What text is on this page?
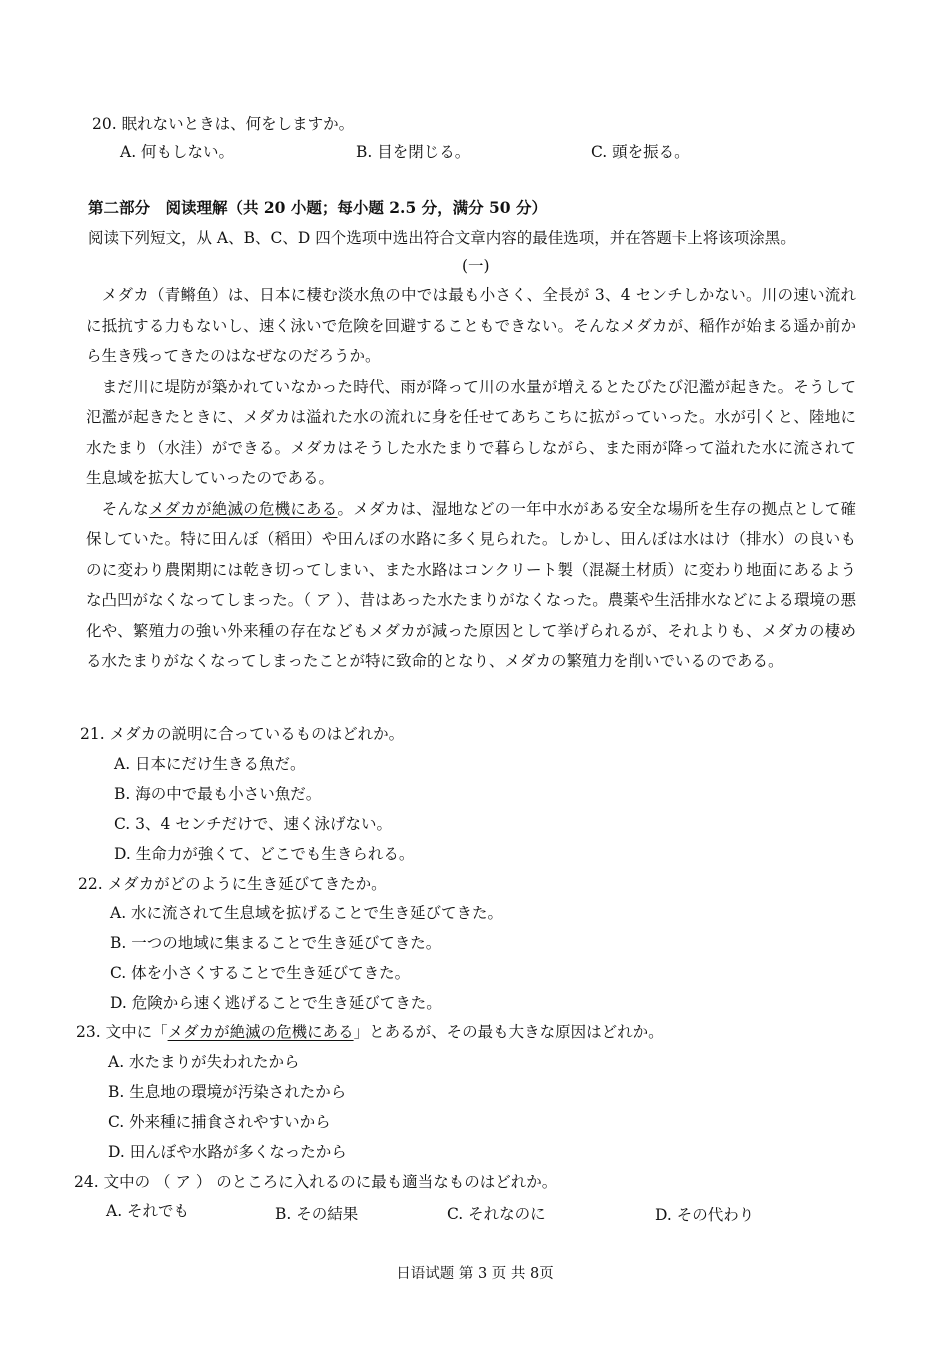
20. 眠れないときは、何をしますか。
A. 何もしない。	B. 目を閉じる。	C. 頭を振る。
第二部分　阅读理解（共 20 小题；每小题 2.5 分，满分 50 分）
阅读下列短文，从 A、B、C、D 四个选项中选出符合文章内容的最佳选项，并在答题卡上将该项涂黑。
(一)

　メダカ（青鳉鱼）は、日本に棲む淡水魚の中では最も小さく、全長が 3、4 センチしかない。川の速い流れに抵抗する力もないし、速く泳いで危険を回避することもできない。そんなメダカが、稲作が始まる遥か前から生き残ってきたのはなぜなのだろうか。

　まだ川に堤防が築かれていなかった時代、雨が降って川の水量が増えるとたびたび氾濫が起きた。そうして氾濫が起きたときに、メダカは溢れた水の流れに身を任せてあちこちに拡がっていった。水が引くと、陸地に水たまり（水洼）ができる。メダカはそうした水たまりで暮らしながら、また雨が降って溢れた水に流されて生息域を拡大していったのである。

　そんなメダカが絶滅の危機にある。メダカは、湿地などの一年中水がある安全な場所を生存の拠点として確保していた。特に田んぼ（稻田）や田んぼの水路に多く見られた。しかし、田んぼは水はけ（排水）の良いものに変わり農閑期には乾き切ってしまい、また水路はコンクリート製（混凝土材质）に変わり地面にあるような凸凹がなくなってしまった。（ ア ）、昔はあった水たまりがなくなった。農薬や生活排水などによる環境の悪化や、繁殖力の強い外来種の存在などもメダカが減った原因として挙げられるが、それよりも、メダカの棲める水たまりがなくなってしまったことが特に致命的となり、メダカの繁殖力を削いでいるのである。

21. メダカの説明に合っているものはどれか。
A. 日本にだけ生きる魚だ。
B. 海の中で最も小さい魚だ。
C. 3、4 センチだけで、速く泳げない。
D. 生命力が強くて、どこでも生きられる。
22. メダカがどのように生き延びてきたか。
A. 水に流されて生息域を拡げることで生き延びてきた。
B. 一つの地域に集まることで生き延びてきた。
C. 体を小さくすることで生き延びてきた。
D. 危険から速く逃げることで生き延びてきた。
23. 文中に「メダカが絶滅の危機にある」とあるが、その最も大きな原因はどれか。
A. 水たまりが失われたから
B. 生息地の環境が汚染されたから
C. 外来種に捕食されやすいから
D. 田んぼや水路が多くなったから
24. 文中の （ ア ） のところに入れるのに最も適当なものはどれか。
A. それでも	B. その結果	C. それなのに	D. その代わり
日语试题 第 3 页 共 8页
